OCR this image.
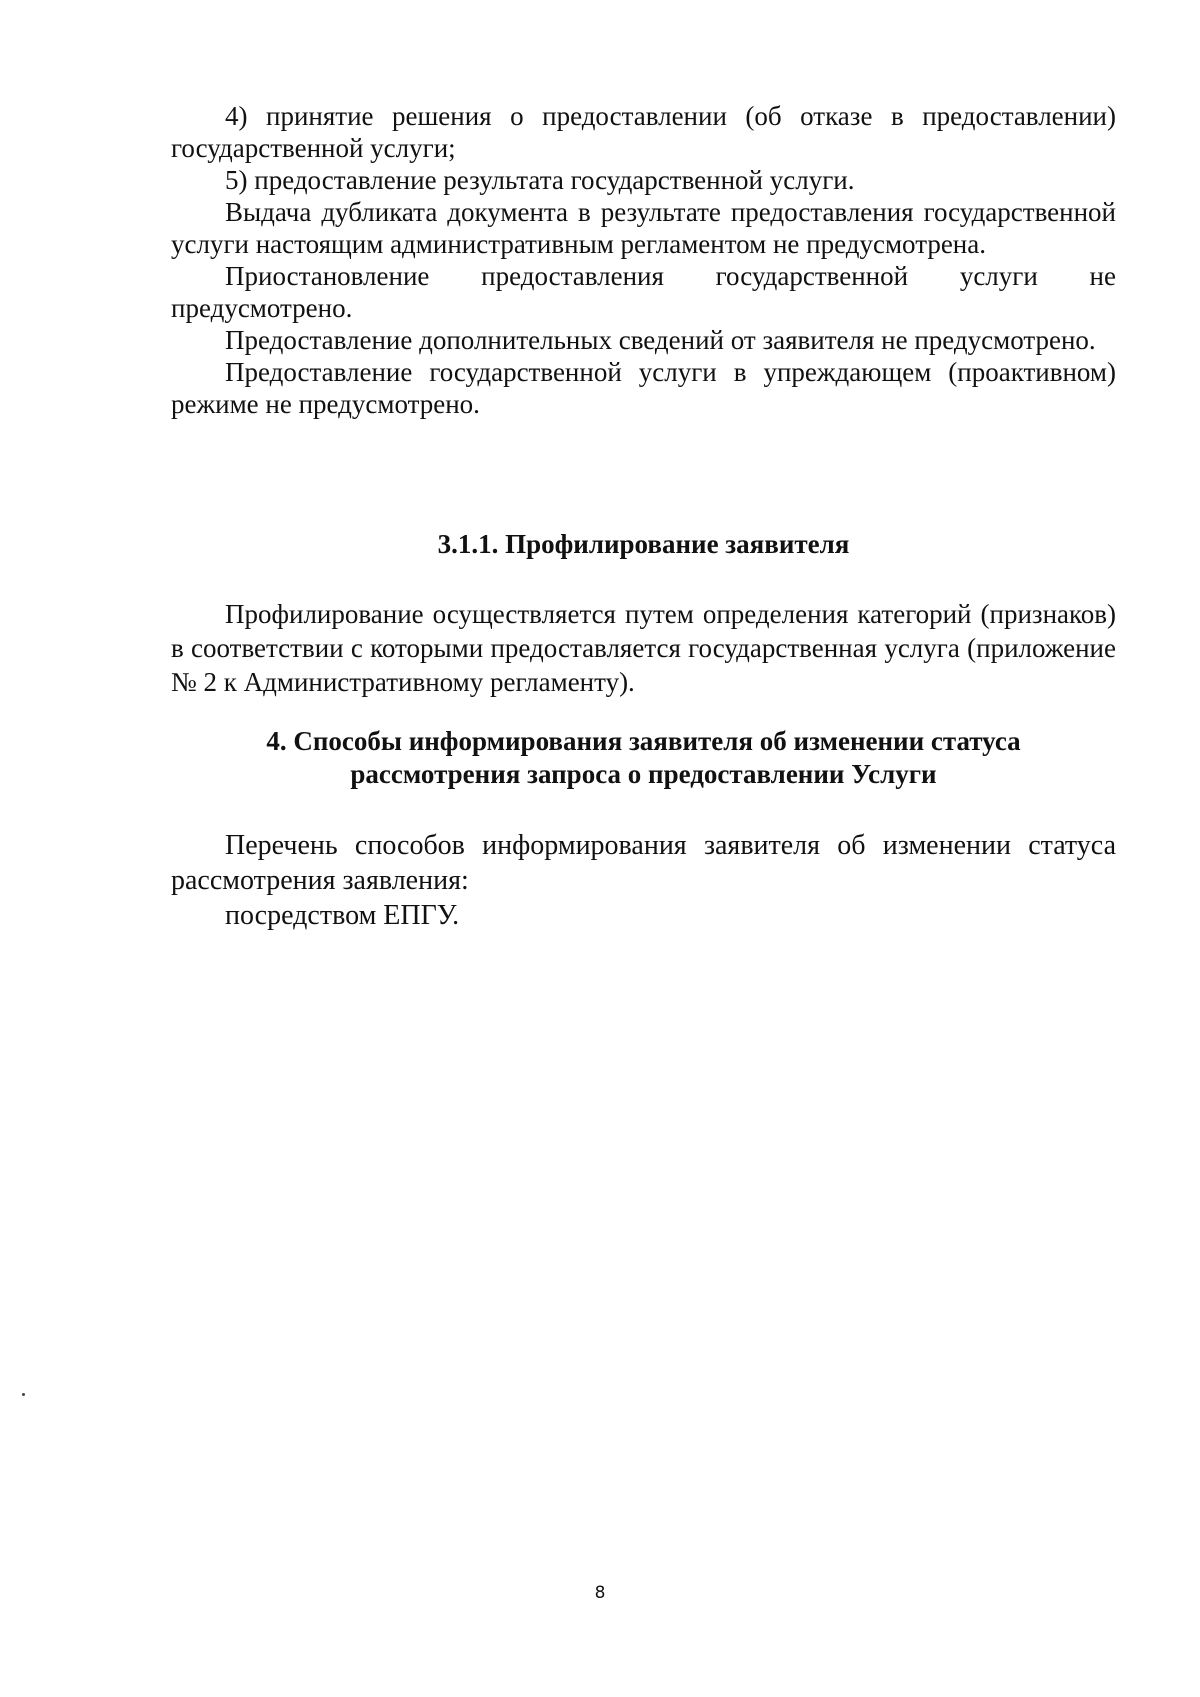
4) принятие решения о предоставлении (об отказе в предоставлении) государственной услуги;

5) предоставление результата государственной услуги.

Выдача дубликата документа в результате предоставления государственной услуги настоящим административным регламентом не предусмотрена.

Приостановление предоставления государственной услуги не предусмотрено.

Предоставление дополнительных сведений от заявителя не предусмотрено.

Предоставление государственной услуги в упреждающем (проактивном) режиме не предусмотрено.

3.1.1. Профилирование заявителя

Профилирование осуществляется путем определения категорий (признаков) в соответствии с которыми предоставляется государственная услуга (приложение № 2 к Административному регламенту).

4. Способы информирования заявителя об изменении статуса
рассмотрения запроса о предоставлении Услуги

Перечень способов информирования заявителя об изменении статуса рассмотрения заявления:

посредством ЕПГУ.

8
